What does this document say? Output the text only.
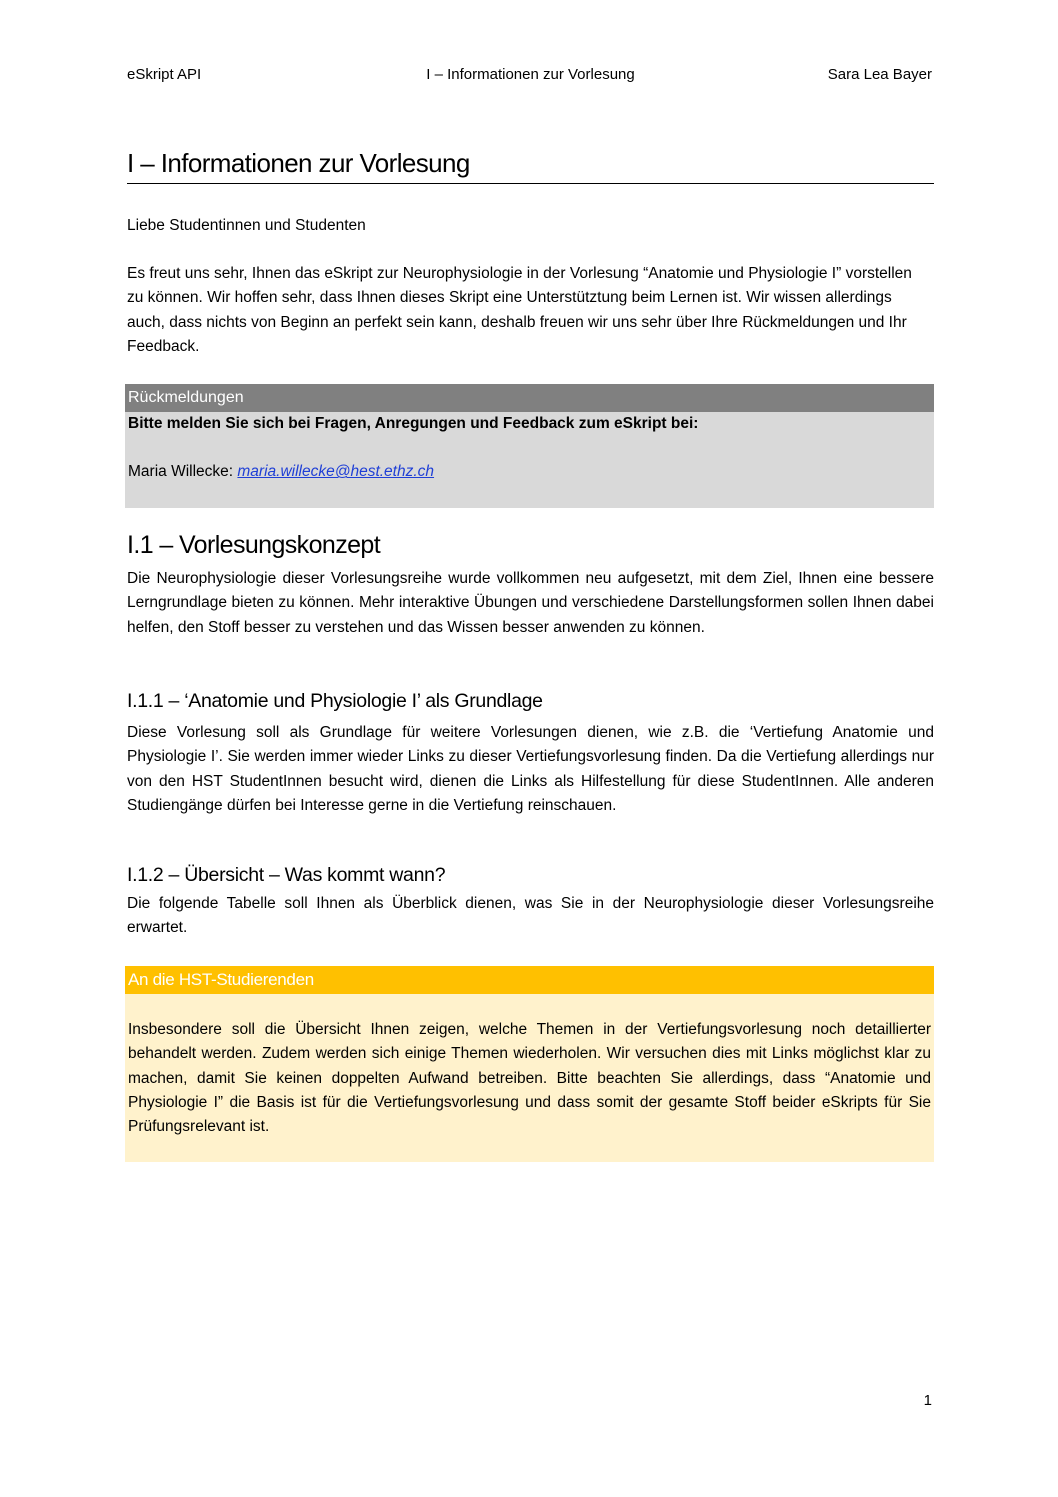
eSkript API	I – Informationen zur Vorlesung	Sara Lea Bayer
I – Informationen zur Vorlesung

Liebe Studentinnen und Studenten

Es freut uns sehr, Ihnen das eSkript zur Neurophysiologie in der Vorlesung “Anatomie und Physiologie I” vorstellen zu können. Wir hoffen sehr, dass Ihnen dieses Skript eine Unterstütztung beim Lernen ist. Wir wissen allerdings auch, dass nichts von Beginn an perfekt sein kann, deshalb freuen wir uns sehr über Ihre Rückmeldungen und Ihr Feedback.

Rückmeldungen
Bitte melden Sie sich bei Fragen, Anregungen und Feedback zum eSkript bei:
Maria Willecke: maria.willecke@hest.ethz.ch
I.1 – Vorlesungskonzept

Die Neurophysiologie dieser Vorlesungsreihe wurde vollkommen neu aufgesetzt, mit dem Ziel, Ihnen eine bessere Lerngrundlage bieten zu können. Mehr interaktive Übungen und verschiedene Darstellungsformen sollen Ihnen dabei helfen, den Stoff besser zu verstehen und das Wissen besser anwenden zu können.

I.1.1 – ‘Anatomie und Physiologie I’ als Grundlage

Diese Vorlesung soll als Grundlage für weitere Vorlesungen dienen, wie z.B. die ‘Vertiefung Anatomie und Physiologie I’. Sie werden immer wieder Links zu dieser Vertiefungsvorlesung finden. Da die Vertiefung allerdings nur von den HST StudentInnen besucht wird, dienen die Links als Hilfestellung für diese StudentInnen. Alle anderen Studiengänge dürfen bei Interesse gerne in die Vertiefung reinschauen.

I.1.2 – Übersicht – Was kommt wann?

Die folgende Tabelle soll Ihnen als Überblick dienen, was Sie in der Neurophysiologie dieser Vorlesungsreihe erwartet.

An die HST-Studierenden

Insbesondere soll die Übersicht Ihnen zeigen, welche Themen in der Vertiefungsvorlesung noch detaillierter behandelt werden. Zudem werden sich einige Themen wiederholen. Wir versuchen dies mit Links möglichst klar zu machen, damit Sie keinen doppelten Aufwand betreiben. Bitte beachten Sie allerdings, dass “Anatomie und Physiologie I” die Basis ist für die Vertiefungsvorlesung und dass somit der gesamte Stoff beider eSkripts für Sie Prüfungsrelevant ist.

1
